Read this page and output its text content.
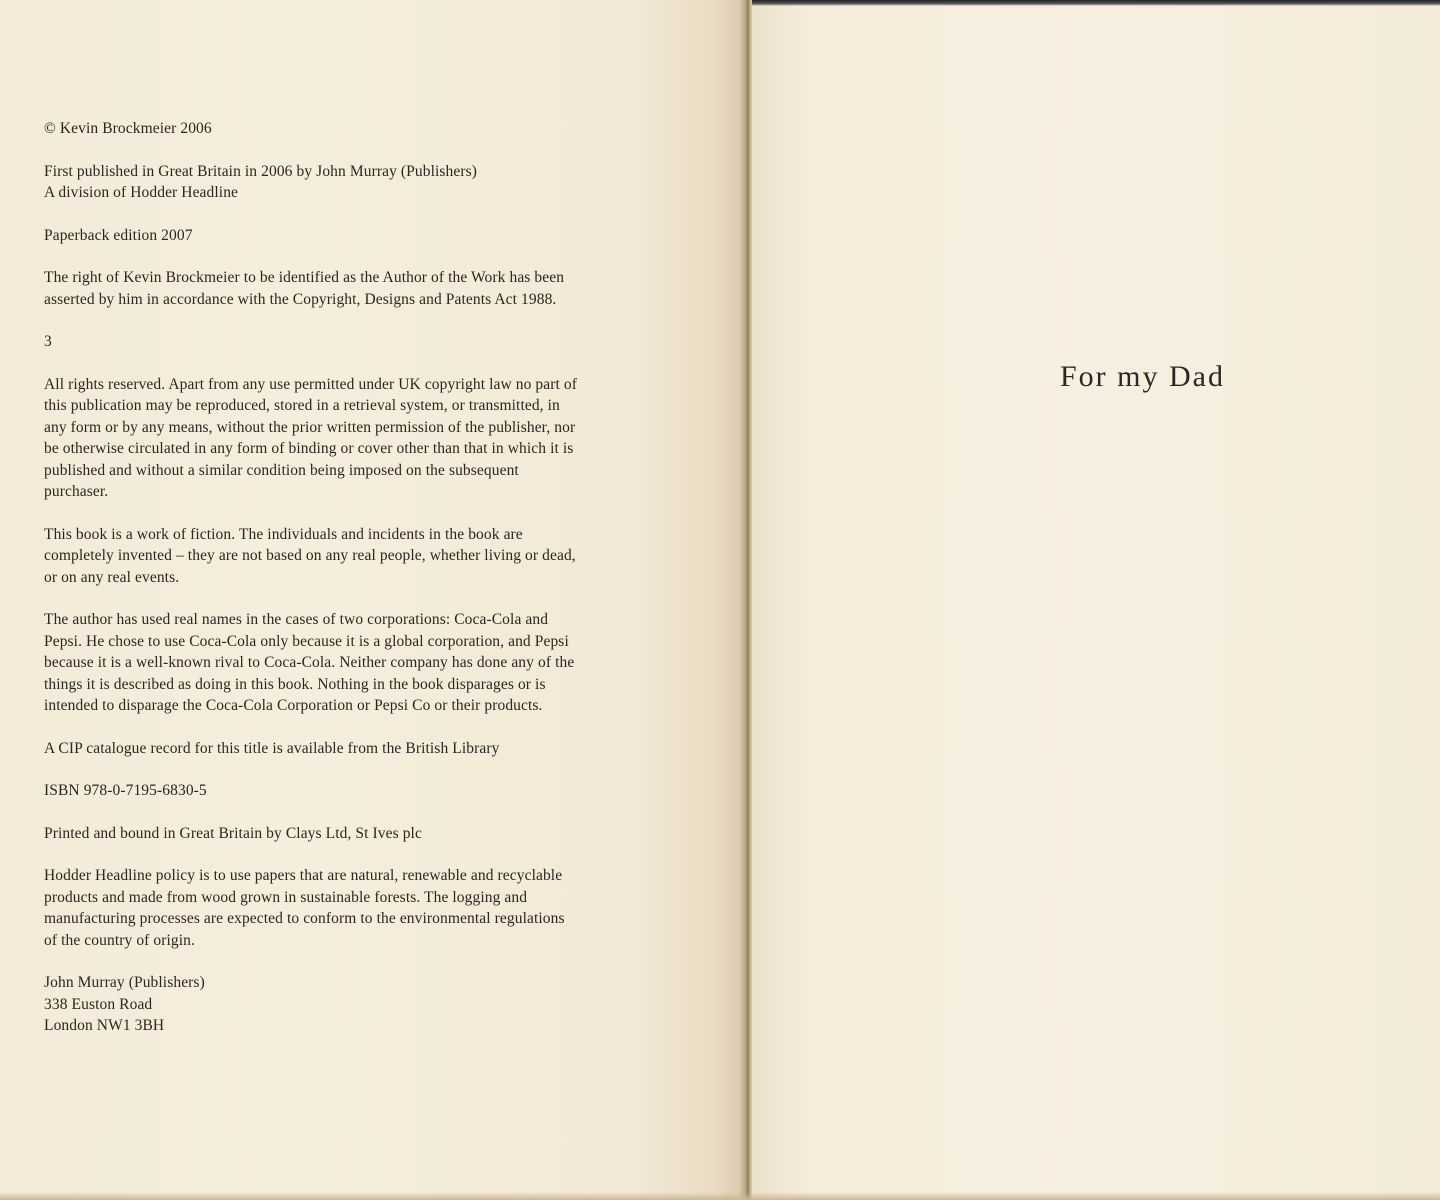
© Kevin Brockmeier 2006
First published in Great Britain in 2006 by John Murray (Publishers)
A division of Hodder Headline
Paperback edition 2007
The right of Kevin Brockmeier to be identified as the Author of the Work has been
asserted by him in accordance with the Copyright, Designs and Patents Act 1988.
3
All rights reserved. Apart from any use permitted under UK copyright law no part of
this publication may be reproduced, stored in a retrieval system, or transmitted, in
any form or by any means, without the prior written permission of the publisher, nor
be otherwise circulated in any form of binding or cover other than that in which it is
published and without a similar condition being imposed on the subsequent
purchaser.
This book is a work of fiction. The individuals and incidents in the book are
completely invented – they are not based on any real people, whether living or dead,
or on any real events.
The author has used real names in the cases of two corporations: Coca-Cola and
Pepsi. He chose to use Coca-Cola only because it is a global corporation, and Pepsi
because it is a well-known rival to Coca-Cola. Neither company has done any of the
things it is described as doing in this book. Nothing in the book disparages or is
intended to disparage the Coca-Cola Corporation or Pepsi Co or their products.
A CIP catalogue record for this title is available from the British Library
ISBN 978-0-7195-6830-5
Printed and bound in Great Britain by Clays Ltd, St Ives plc
Hodder Headline policy is to use papers that are natural, renewable and recyclable
products and made from wood grown in sustainable forests. The logging and
manufacturing processes are expected to conform to the environmental regulations
of the country of origin.
John Murray (Publishers)
338 Euston Road
London NW1 3BH
For my Dad
